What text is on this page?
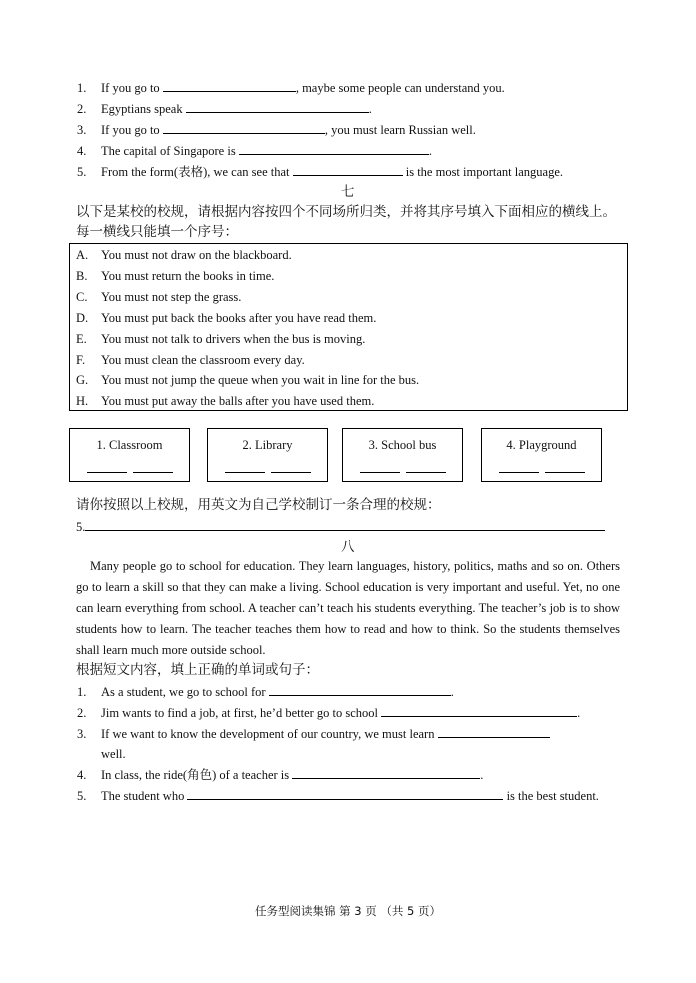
1. If you go to	, maybe some people can understand you.
2. Egyptians speak	.
3. If you go to	, you must learn Russian well.
4. The capital of Singapore is	.
5. From the form(表格), we can see that	is the most important language.
七
以下是某校的校规，请根据内容按四个不同场所归类，并将其序号填入下面相应的横线上。
每一横线只能填一个序号：
A. You must not draw on the blackboard.
B. You must return the books in time.
C. You must not step the grass.
D. You must put back the books after you have read them.
E. You must not talk to drivers when the bus is moving.
F. You must clean the classroom every day.
G. You must not jump the queue when you wait in line for the bus.
H. You must put away the balls after you have used them.
1. Classroom	2. Library	3. School bus	4. Playground
请你按照以上校规，用英文为自己学校制订一条合理的校规：
5.
八
Many people go to school for education. They learn languages, history, politics, maths and so on. Others go to learn a skill so that they can make a living. School education is very important and useful. Yet, no one can learn everything from school. A teacher can’t teach his students everything. The teacher’s job is to show students how to learn. The teacher teaches them how to read and how to think. So the students themselves shall learn much more outside school.
根据短文内容，填上正确的单词或句子：
1. As a student, we go to school for	.
2. Jim wants to find a job, at first, he’d better go to school	.
3. If we want to know the development of our country, we must learn
well.
4. In class, the ride(角色) of a teacher is	.
5. The student who	is the best student.
任务型阅读集锦 第 3 页 （共 5 页）
